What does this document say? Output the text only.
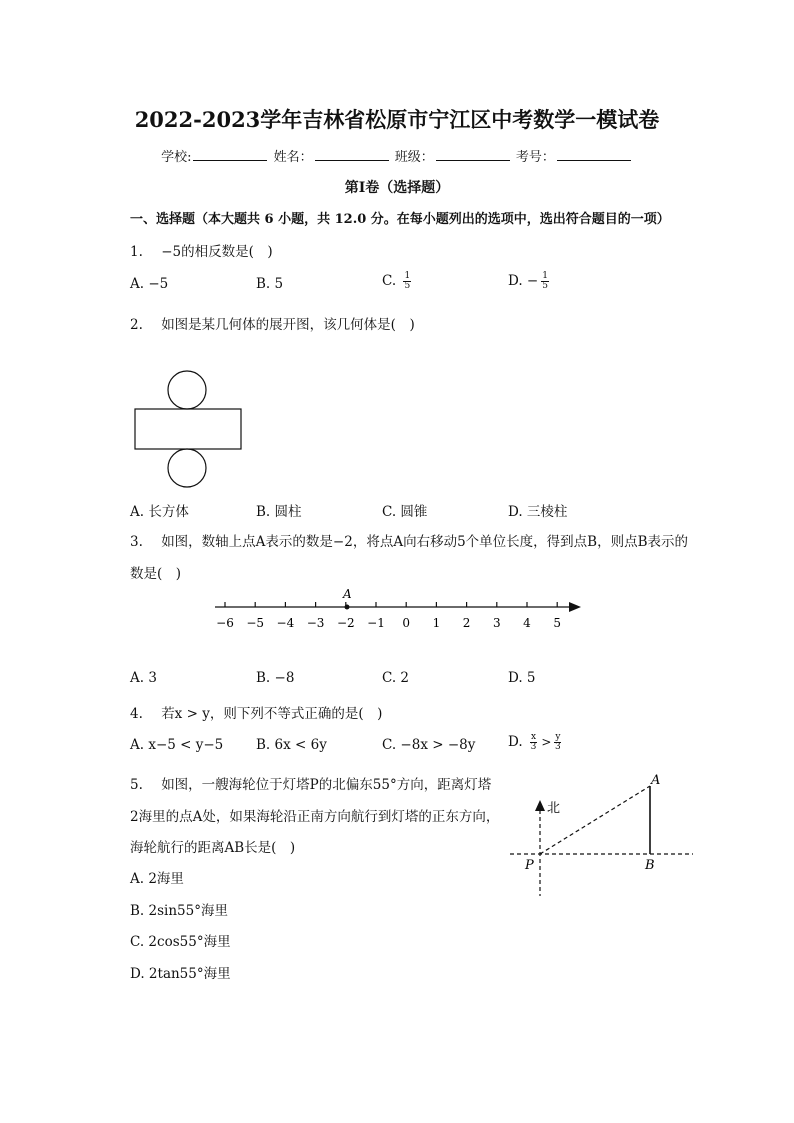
2022-2023学年吉林省松原市宁江区中考数学一模试卷
学校:	姓名：	班级：	考号：
第I卷（选择题）
一、选择题（本大题共 6 小题，共 12.0 分。在每小题列出的选项中，选出符合题目的一项）
1. −5的相反数是(　)
A. −5	B. 5	C. $\frac{1}{5}$	D. − $\frac{1}{5}$
2. 如图是某几何体的展开图，该几何体是(　)
A. 长方体	B. 圆柱	C. 圆锥	D. 三棱柱
3. 如图，数轴上点A表示的数是−2，将点A向右移动5个单位长度，得到点B，则点B表示的
数是(　)
−6 −5 −4 −3 −2 −1 0 1 2 3 4 5
A
A. 3	B. −8	C. 2	D. 5
4. 若x > y，则下列不等式正确的是(　)
A. x−5 < y−5 B. 6x < 6y	C. −8x > −8y D. $\frac{x}{3} > \frac{y}{3}$
5. 如图，一艘海轮位于灯塔P的北偏东55°方向，距离灯塔
2海里的点A处，如果海轮沿正南方向航行到灯塔的正东方向，
海轮航行的距离AB长是(　)
北
P
A
B
A. 2海里
B. 2sin55°海里
C. 2cos55°海里
D. 2tan55°海里
